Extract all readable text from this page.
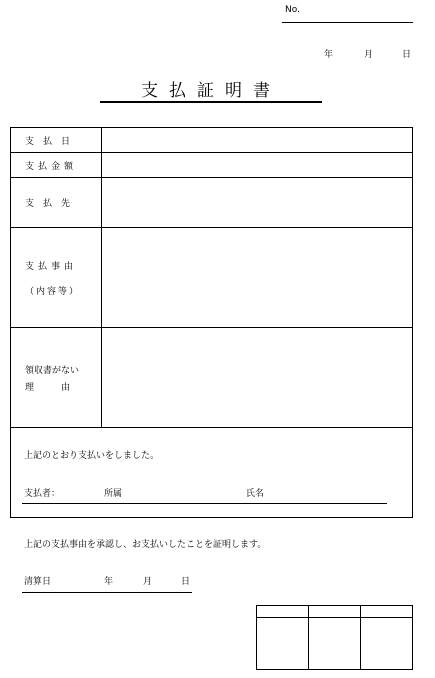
No.
年	月	日
支払証明書
支　払　日	

支払金額	

支　払　先	

支払事由
（内容等）	

領収書がない
理　　　由	

上記のとおり支払いをしました。
支払者：	所属	氏名
上記の支払事由を承認し、お支払いしたことを証明します。
清算日	年	月	日
